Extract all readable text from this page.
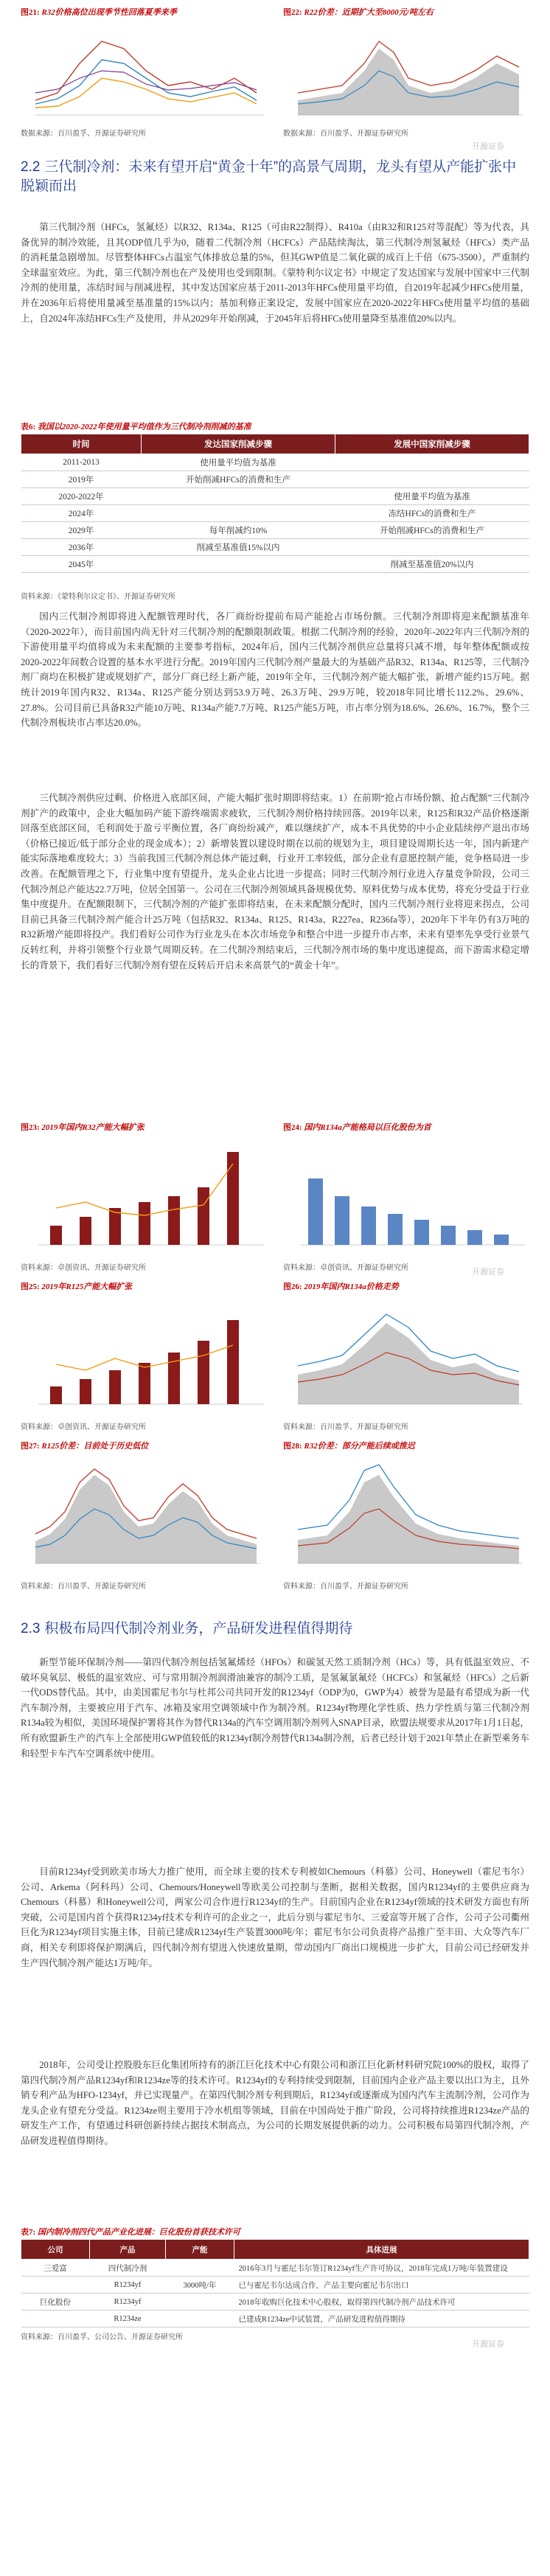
图21: R32价格高位出现季节性回落夏季来季	图22: R22价差：近期扩大至8000元/吨左右
数据来源：百川盈孚、开源证券研究所	数据来源：百川盈孚、开源证券研究所
2.2 三代制冷剂：未来有望开启“黄金十年”的高景气周期，龙头有望从产能扩张中脱颖而出
第三代制冷剂（HFCs，氢氟烃）以R32、R134a、R125（可由R22制得）、R410a（由R32和R125对等混配）等为代表，具备优异的制冷效能，且其ODP值几乎为0，随着二代制冷剂（HCFCs）产品陆续淘汰，第三代制冷剂氢氟烃（HFCs）类产品的消耗量急剧增加。尽管整体HFCs占温室气体排放总量的5%，但其GWP值是二氧化碳的成百上千倍（675-3500），严重制约全球温室效应。为此，第三代制冷剂也在产及使用也受到限制。《蒙特利尔议定书》中规定了发达国家与发展中国家中三代制冷剂的使用量，冻结时间与削减进程，其中发达国家应基于2011-2013年HFCs使用量平均值，自2019年起减少HFCs使用量，并在2036年后将使用量减至基准量的15%以内；基加利修正案设定，发展中国家应在2020-2022年HFCs使用量平均值的基础上，自2024年冻结HFCs生产及使用，并从2029年开始削减，于2045年后将HFCs使用量降至基准值20%以内。
表6: 我国以2020-2022年使用量平均值作为三代制冷剂削减的基准
时间	发达国家削减步骤	发展中国家削减步骤
2011-2013	使用量平均值为基准	
2019年	开始削减HFCs的消费和生产	
2020-2022年		使用量平均值为基准
2024年		冻结HFCs的消费和生产
2029年	每年削减约10%	开始削减HFCs的消费和生产
2036年	削减至基准值15%以内	
2045年		削减至基准值20%以内
资料来源：《蒙特利尔议定书》、开源证券研究所
国内三代制冷剂即将进入配额管理时代，各厂商纷纷提前布局产能抢占市场份额。三代制冷剂即将迎来配额基准年（2020-2022年），而目前国内尚无针对三代制冷剂的配额限制政策。根据二代制冷剂的经验，2020年-2022年内三代制冷剂的下游使用量平均值将成为未来配额的主要参考指标，2024年后，国内三代制冷剂供应总量将只减不增，每年整体配额或按2020-2022年间数合设置的基本水平进行分配。2019年国内三代制冷剂产量最大的为基础产品R32、R134a、R125等，三代制冷剂厂商均在积极扩建或规划扩产，部分厂商已经上新产能，2019年全年，三代制冷剂产能大幅扩张，新增产能约15万吨。据统计2019年国内R32、R134a、R125产能分别达到53.9万吨、26.3万吨、29.9万吨，较2018年同比增长112.2%、29.6%、27.8%。公司目前已具备R32产能10万吨、R134a产能7.7万吨、R125产能5万吨，市占率分别为18.6%、26.6%、16.7%，整个三代制冷剂板块市占率达20.0%。
三代制冷剂供应过剩、价格进入底部区间，产能大幅扩张时期即将结束。1）在前期“抢占市场份额、抢占配额”三代制冷剂扩产的政策中，企业大幅加码产能下游终端需求疲软，三代制冷剂价格持续回落。2019年以来，R125和R32产品价格逐渐回落至底部区间，毛利润处于盈亏平衡位置，各厂商纷纷减产，难以继续扩产，成本不具优势的中小企业陆续停产退出市场（价格已接近/低于部分企业的现金成本）；2）新增装置以建设时期在以前的规划为主，项目建设周期长达一年，国内新建产能实际落地难度较大；3）当前我国三代制冷剂总体产能过剩，行业开工率较低，部分企业有意愿控制产能，竞争格局进一步改善。在配额管理之下，行业集中度有望提升，龙头企业占比进一步提高；同时三代制冷剂行业进入存量竞争阶段，公司三代制冷剂总产能达22.7万吨，位居全国第一。公司在三代制冷剂领域具备规模优势、原料优势与成本优势，将充分受益于行业集中度提升。在配额限制下，三代制冷剂的产能扩张即将结束，在未来配额分配时，国内三代制冷剂行业将迎来拐点，公司目前已具备三代制冷剂产能合计25万吨（包括R32、R134a、R125、R143a、R227ea、R236fa等），2020年下半年仍有3万吨的R32新增产能即将投产。我们看好公司作为行业龙头在本次市场竞争和整合中进一步提升市占率，未来有望率先享受行业景气反转红利，并将引领整个行业景气周期反转。在二代制冷剂结束后，三代制冷剂市场的集中度迅速提高，而下游需求稳定增长的背景下，我们看好三代制冷剂有望在反转后开启未来高景气的“黄金十年”。
图23: 2019年国内R32产能大幅扩张	图24: 国内R134a产能格局以巨化股份为首
资料来源：卓创资讯、开源证券研究所	资料来源：卓创资讯、开源证券研究所
图25: 2019年R125产能大幅扩张	图26: 2019年国内R134a价格走势
资料来源：卓创资讯、开源证券研究所	资料来源：百川盈孚、开源证券研究所
图27: R125价差：目前处于历史低位	图28: R32价差：部分产能后续或推迟
资料来源：百川盈孚、开源证券研究所	资料来源：百川盈孚、开源证券研究所
2.3 积极布局四代制冷剂业务，产品研发进程值得期待
新型节能环保制冷剂——第四代制冷剂包括氢氟烯烃（HFOs）和碳氢天然工质制冷剂（HCs）等，具有低温室效应、不破坏臭氧层、极低的温室效应、可与常用制冷剂润滑油兼容的制冷工质，是氢氟氯氟烃（HCFCs）和氢氟烃（HFCs）之后新一代ODS替代品。其中，由美国霍尼韦尔与杜邦公司共同开发的R1234yf（ODP为0，GWP为4）被誉为是最有希望成为新一代汽车制冷剂，主要被应用于汽车、冰箱及家用空调领域中作为制冷剂。R1234yf物理化学性质、热力学性质与第三代制冷剂R134a较为相似，美国环境保护署将其作为替代R134a的汽车空调用制冷剂列入SNAP目录，欧盟法规要求从2017年1月1日起，所有欧盟新生产的汽车上全部使用GWP值较低的R1234yf制冷剂替代R134a制冷剂，后者已经计划于2021年禁止在新型乘务车和轻型卡车汽车空调系统中使用。
目前R1234yf受到欧美市场大力推广使用，而全球主要的技术专利被如Chemours（科慕）公司、Honeywell（霍尼韦尔）公司、Arkema（阿科玛）公司、Chemours/Honeywell等欧美公司控制与垄断，据相关数据，国内R1234yf的主要供应商为Chemours（科慕）和Honeywell公司，两家公司合作进行R1234yf的生产。目前国内企业在R1234yf领域的技术研发方面也有所突破，公司是国内首个获得R1234yf技术专利许可的企业之一，此后分别与霍尼韦尔、三爱富等开展了合作，公司子公司衢州巨化为R1234yf项目实施主体，目前已建成R1234yf生产装置3000吨/年；霍尼韦尔公司负责将产品推广至丰田、大众等汽车厂商，相关专利即将保护期满后，四代制冷剂有望进入快速放量期，带动国内厂商出口规模进一步扩大，目前公司已经研发并生产四代制冷剂产能达1万吨/年。
2018年，公司受让控股股东巨化集团所持有的浙江巨化技术中心有限公司和浙江巨化新材料研究院100%的股权，取得了第四代制冷剂产品R1234yf和R1234ze等的技术许可。R1234yf的专利持续受到限制，目前国内企业产品主要以出口为主，且外销专利产品为HFO-1234yf，并已实现量产。在第四代制冷剂专利到期后，R1234yf或逐渐成为国内汽车主流制冷剂，公司作为龙头企业有望充分受益。R1234ze则主要用于冷水机组等领域，目前在中国尚处于推广阶段，公司将持续推进R1234ze产品的研发生产工作，有望通过科研创新持续占据技术制高点，为公司的长期发展提供新的动力。公司积极布局第四代制冷剂，产品研发进程值得期待。
表7: 国内制冷剂四代产品产业化进展：巨化股份首获技术许可
公司	产品	产能	具体进展
三爱富	四代制冷剂		2016年3月与霍尼韦尔签订R1234yf生产许可协议，2018年完成1万吨/年装置建设
	R1234yf	3000吨/年	已与霍尼韦尔达成合作，产品主要向霍尼韦尔出口
巨化股份	R1234yf		2018年收购巨化技术中心股权，取得第四代制冷剂产品技术许可
	R1234ze		已建成R1234ze中试装置，产品研发进程值得期待
资料来源：百川盈孚、公司公告、开源证券研究所
开源证券
开源证券
开源证券
